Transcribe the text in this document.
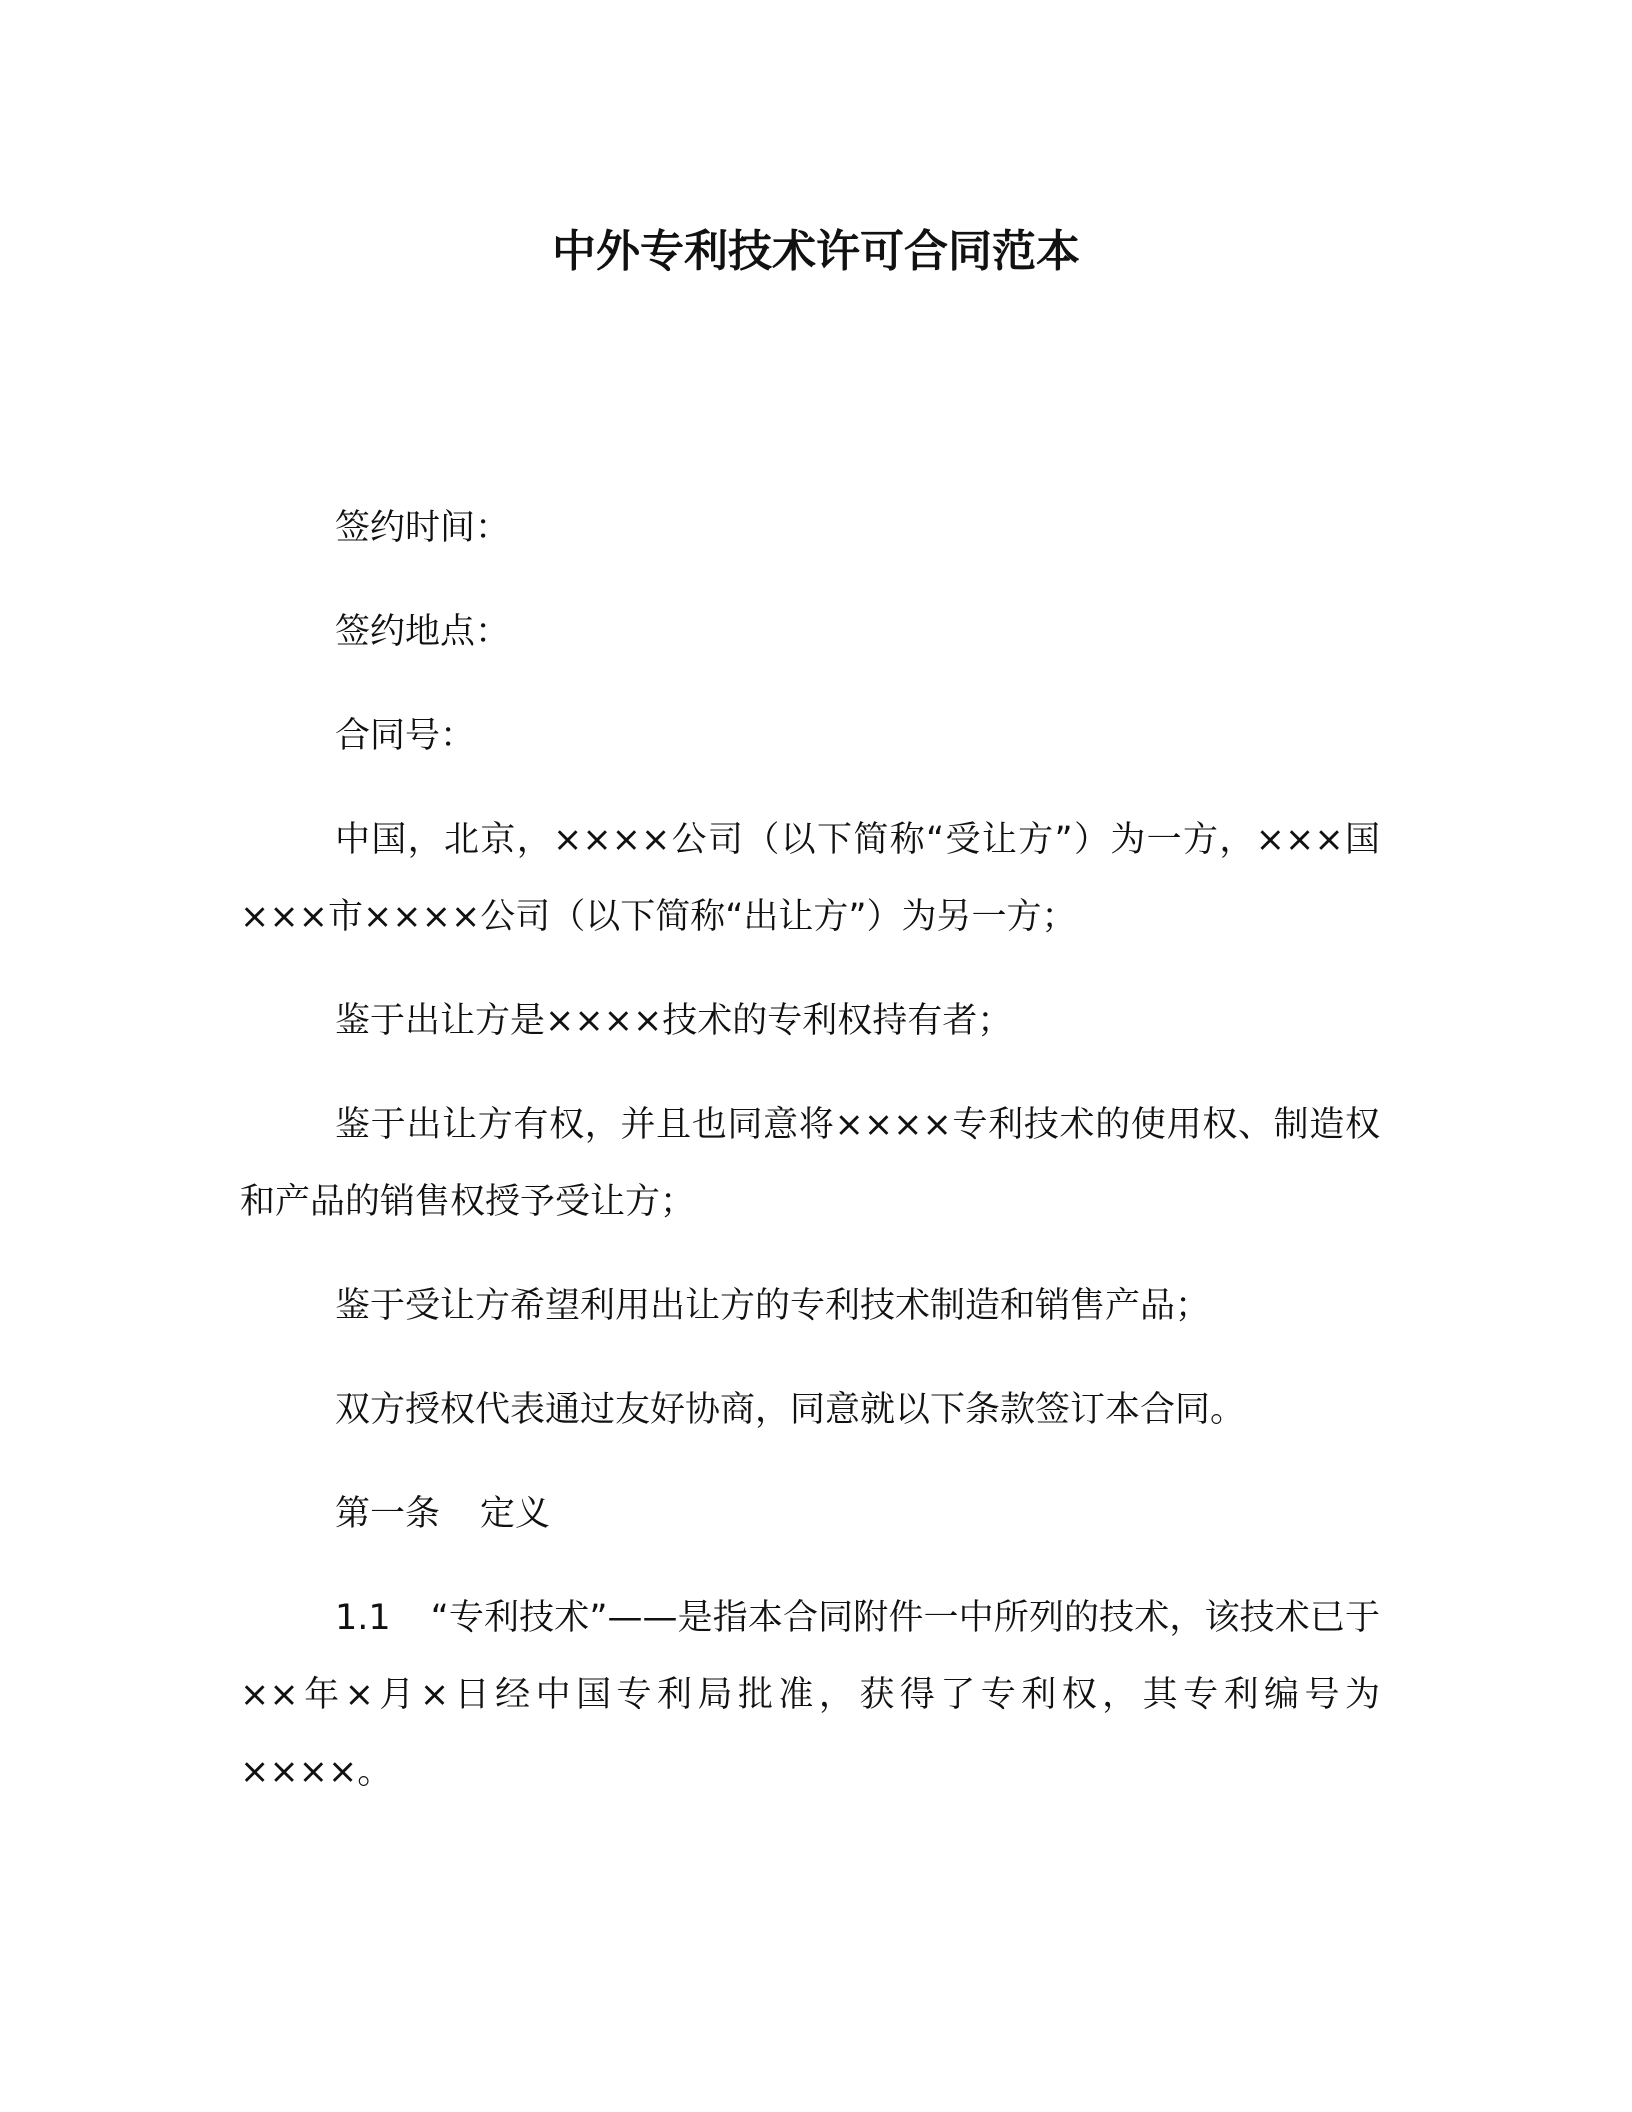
中外专利技术许可合同范本

签约时间：

签约地点：

合同号：

中国，北京，××××公司（以下简称“受让方”）为一方，×××国×××市××××公司（以下简称“出让方”）为另一方；

鉴于出让方是××××技术的专利权持有者；

鉴于出让方有权，并且也同意将××××专利技术的使用权、制造权和产品的销售权授予受让方；

鉴于受让方希望利用出让方的专利技术制造和销售产品；

双方授权代表通过友好协商，同意就以下条款签订本合同。

第一条 定义

1.1 “专利技术”——是指本合同附件一中所列的技术，该技术已于××年×月×日经中国专利局批准，获得了专利权，其专利编号为××××。
